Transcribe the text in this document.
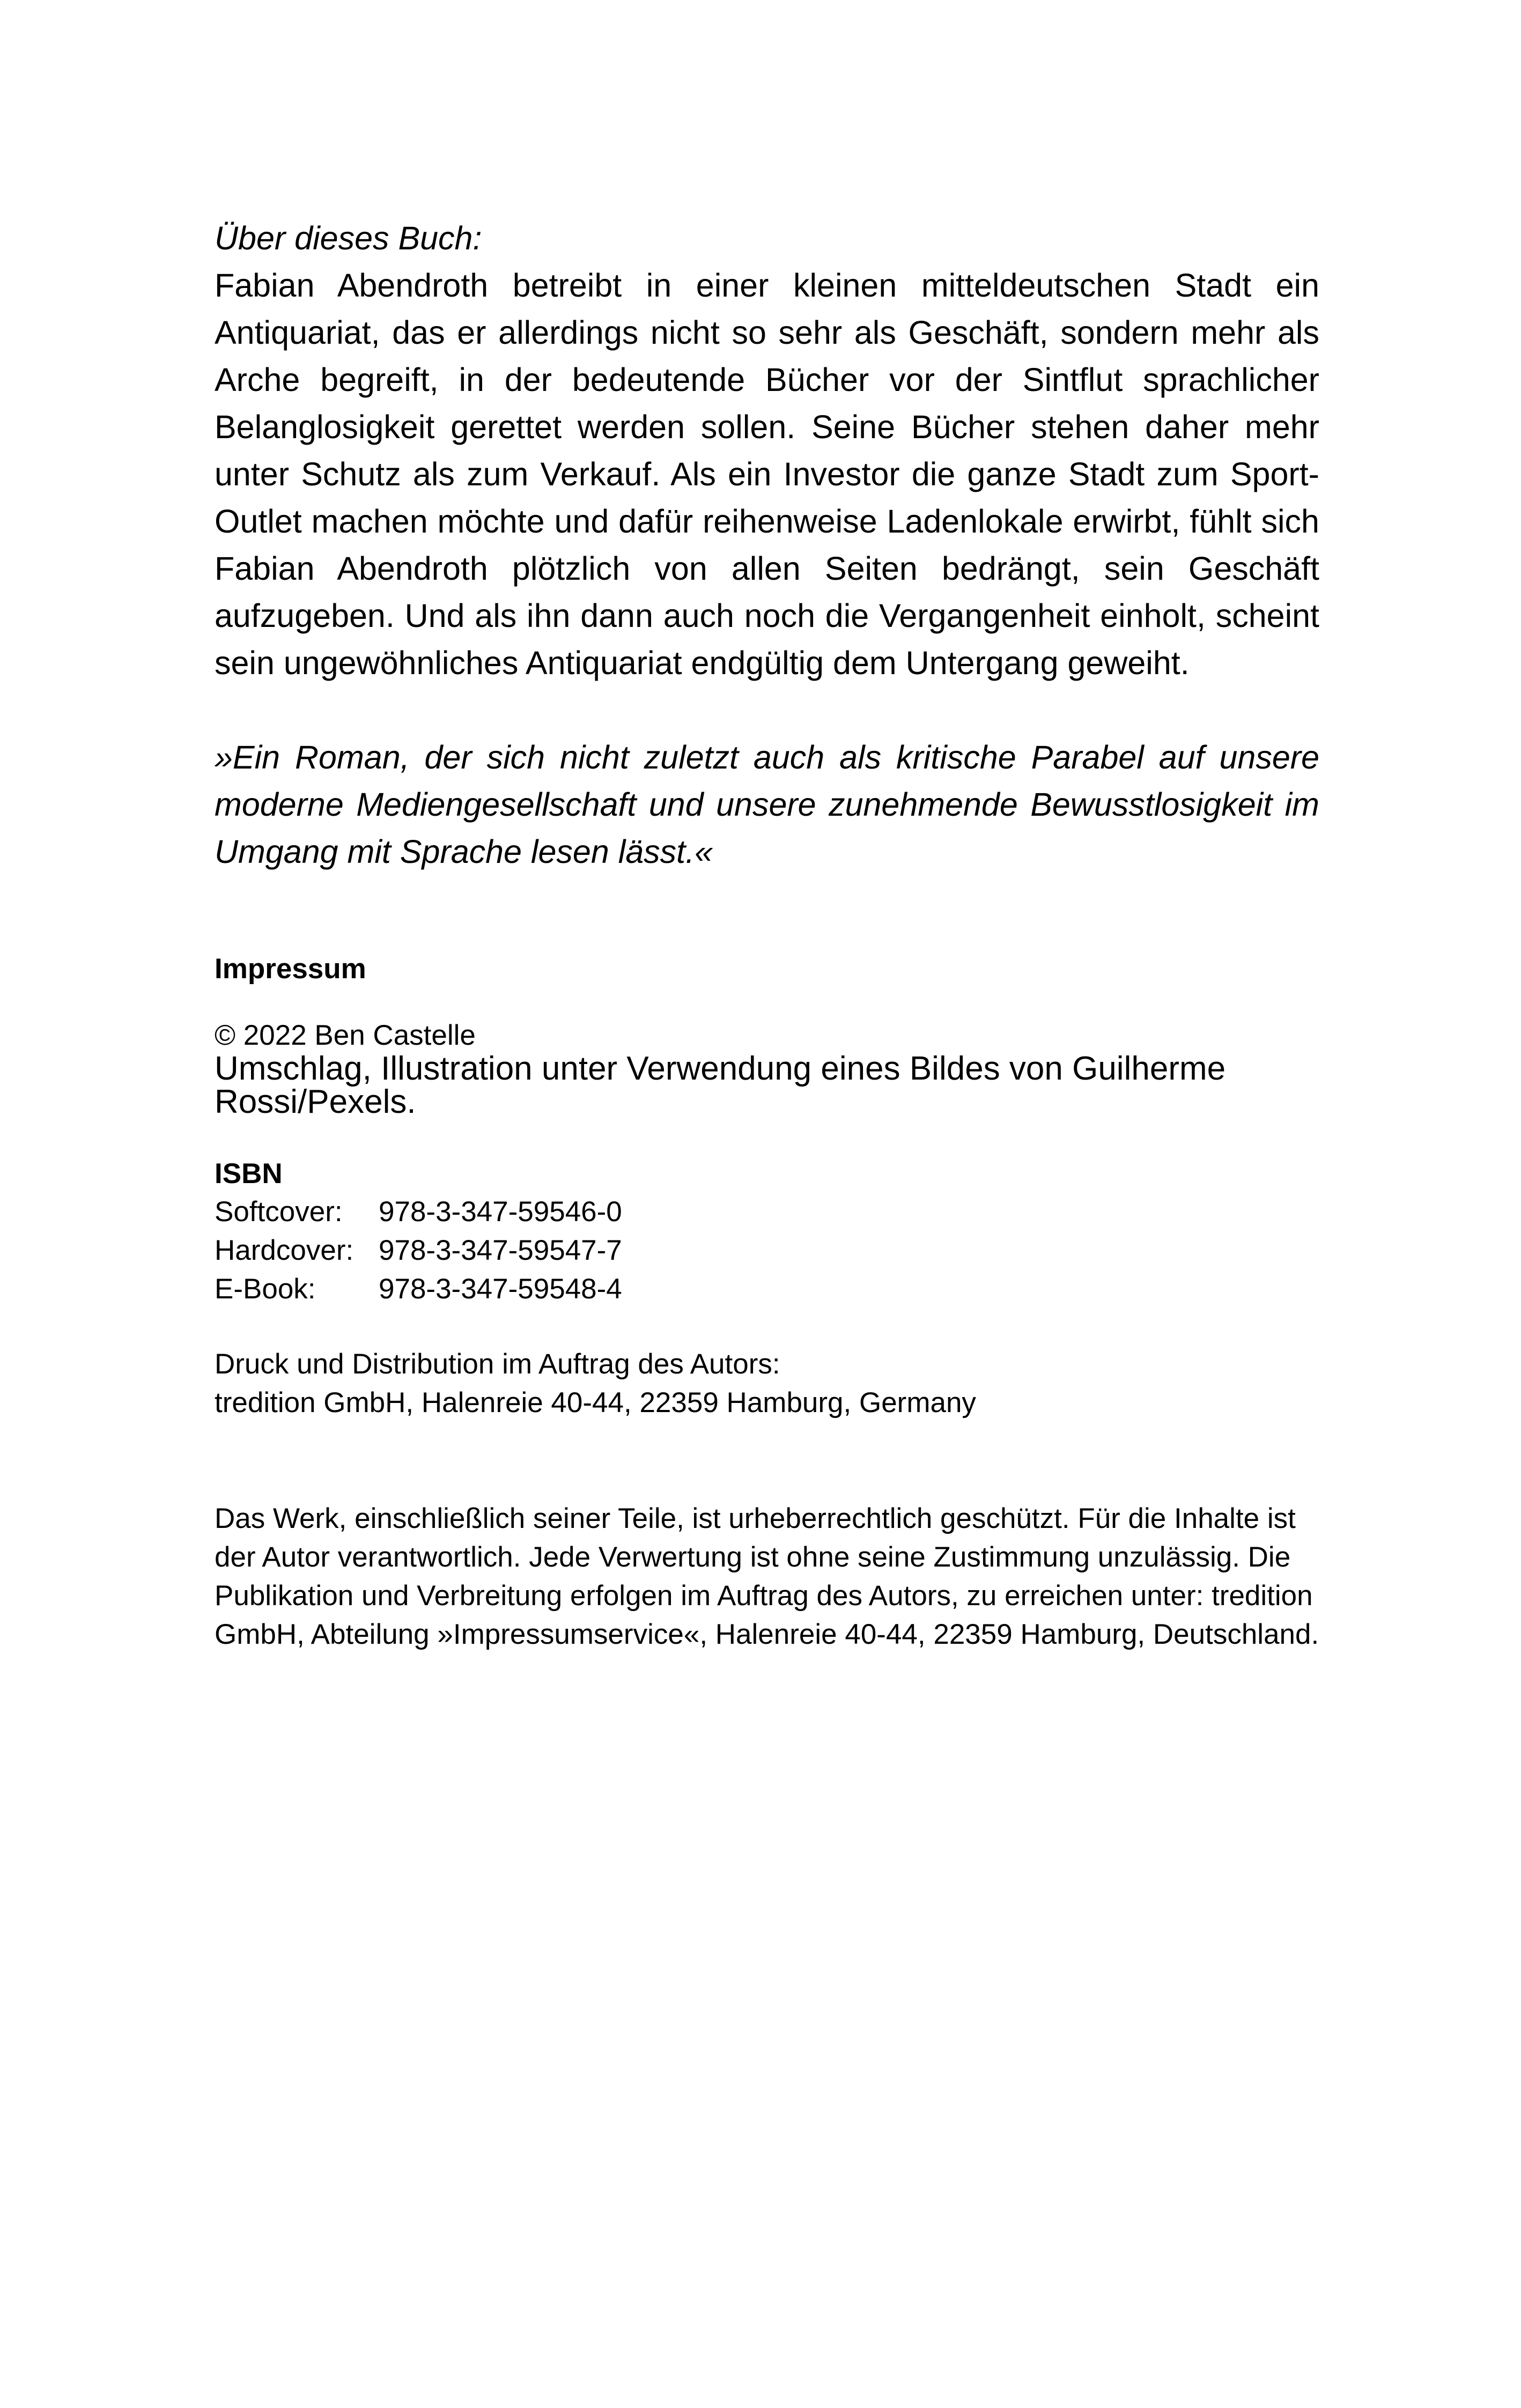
Über dieses Buch:

Fabian Abendroth betreibt in einer kleinen mitteldeutschen Stadt ein Antiquariat, das er allerdings nicht so sehr als Geschäft, sondern mehr als Arche begreift, in der bedeutende Bücher vor der Sintflut sprachlicher Belanglosigkeit gerettet werden sollen. Seine Bücher stehen daher mehr unter Schutz als zum Verkauf. Als ein Investor die ganze Stadt zum Sport-Outlet machen möchte und dafür reihenweise Ladenlokale erwirbt, fühlt sich Fabian Abendroth plötzlich von allen Seiten bedrängt, sein Geschäft aufzugeben. Und als ihn dann auch noch die Vergangenheit einholt, scheint sein ungewöhnliches Antiquariat endgültig dem Untergang geweiht.

»Ein Roman, der sich nicht zuletzt auch als kritische Parabel auf unsere moderne Mediengesellschaft und unsere zunehmende Bewusstlosigkeit im Umgang mit Sprache lesen lässt.«

Impressum

© 2022 Ben Castelle

Umschlag, Illustration unter Verwendung eines Bildes von Guilherme Rossi/Pexels.

ISBN

Softcover:	978-3-347-59546-0
Hardcover:	978-3-347-59547-7
E-Book:	978-3-347-59548-4

Druck und Distribution im Auftrag des Autors:
tredition GmbH, Halenreie 40-44, 22359 Hamburg, Germany

Das Werk, einschließlich seiner Teile, ist urheberrechtlich geschützt. Für die Inhalte ist der Autor verantwortlich. Jede Verwertung ist ohne seine Zustimmung unzulässig. Die Publikation und Verbreitung erfolgen im Auftrag des Autors, zu erreichen unter: tredition GmbH, Abteilung »Impressumservice«, Halenreie 40-44, 22359 Hamburg, Deutschland.
